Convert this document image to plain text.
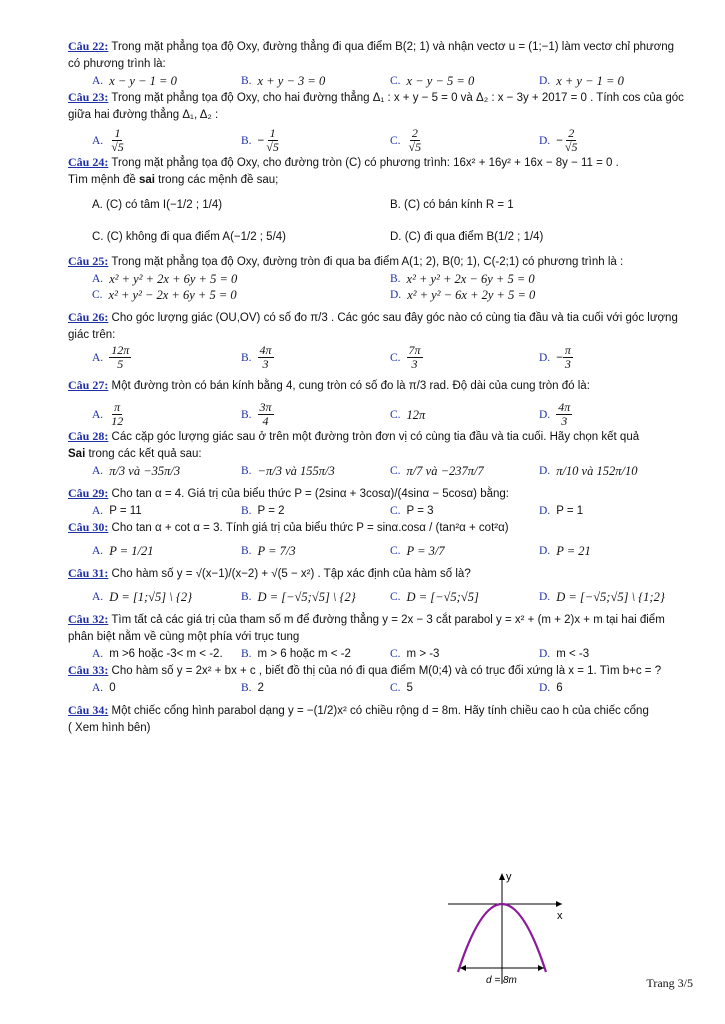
Câu 22: Trong mặt phẳng tọa độ Oxy, đường thẳng đi qua điểm B(2; 1) và nhận vectơ u = (1;−1) làm vectơ chỉ phương có phương trình là:
A. x − y − 1 = 0	B. x + y − 3 = 0	C. x − y − 5 = 0	D. x + y − 1 = 0
Câu 23: Trong mặt phẳng tọa độ Oxy, cho hai đường thẳng Δ₁ : x + y − 5 = 0 và Δ₂ : x − 3y + 2017 = 0 . Tính cos của góc giữa hai đường thẳng Δ₁, Δ₂ :
A. $\frac{1}{√5}$	B. − $\frac{1}{√5}$	C. $\frac{2}{√5}$	D. − $\frac{2}{√5}$
Câu 24: Trong mặt phẳng tọa độ Oxy, cho đường tròn (C) có phương trình: 16x² + 16y² + 16x − 8y − 11 = 0 .
Tìm mệnh đề sai trong các mệnh đề sau;
A. (C) có tâm I(−1/2 ; 1/4)	B. (C) có bán kính R = 1
C. (C) không đi qua điểm A(−1/2 ; 5/4)	D. (C) đi qua điểm B(1/2 ; 1/4)
Câu 25: Trong mặt phẳng tọa độ Oxy, đường tròn đi qua ba điểm A(1; 2), B(0; 1), C(-2;1) có phương trình là :
A. x² + y² + 2x + 6y + 5 = 0	B. x² + y² + 2x − 6y + 5 = 0
C. x² + y² − 2x + 6y + 5 = 0	D. x² + y² − 6x + 2y + 5 = 0
Câu 26: Cho góc lượng giác (OU,OV) có số đo π/3 . Các góc sau đây góc nào có cùng tia đầu và tia cuối với góc lượng giác trên:
A. $\frac{12\pi}{5}$	B. $\frac{4\pi}{3}$	C. $\frac{7\pi}{3}$	D. − $\frac{\pi}{3}$
Câu 27: Một đường tròn có bán kính bằng 4, cung tròn có số đo là π/3 rad. Độ dài của cung tròn đó là:
A. $\frac{\pi}{12}$	B. $\frac{3\pi}{4}$	C. 12π	D. $\frac{4\pi}{3}$
Câu 28: Các cặp góc lượng giác sau ở trên một đường tròn đơn vị có cùng tia đầu và tia cuối. Hãy chọn kết quả
Sai trong các kết quả sau:
A. π/3 và −35π/3	B. −π/3 và 155π/3	C. π/7 và −237π/7	D. π/10 và 152π/10
Câu 29: Cho tan α = 4. Giá trị của biểu thức P = (2sinα + 3cosα)/(4sinα − 5cosα) bằng:
A. P = 11	B. P = 2	C. P = 3	D. P = 1
Câu 30: Cho tan α + cot α = 3. Tính giá trị của biểu thức P = sinα.cosα / (tan²α + cot²α)
A. P = 1/21	B. P = 7/3	C. P = 3/7	D. P = 21
Câu 31: Cho hàm số y = √(x−1)/(x−2) + √(5 − x²) . Tập xác định của hàm số là?
A. D = [1;√5] \ {2}	B. D = [−√5;√5] \ {2}	C. D = [−√5;√5]	D. D = [−√5;√5] \ {1;2}
Câu 32: Tìm tất cả các giá trị của tham số m để đường thẳng y = 2x − 3 cắt parabol y = x² + (m + 2)x + m tại hai điểm phân biệt nằm về cùng một phía với trục tung
A. m >6 hoặc -3< m < -2. B. m > 6 hoặc m < -2	C. m > -3	D. m < -3
Câu 33: Cho hàm số y = 2x² + bx + c , biết đồ thị của nó đi qua điểm M(0;4) và có trục đối xứng là x = 1. Tìm b+c = ?
A. 0	B. 2	C. 5	D. 6
Câu 34: Một chiếc cổng hình parabol dạng y = −(1/2)x² có chiều rộng d = 8m. Hãy tính chiều cao h của chiếc cổng
( Xem hình bên)
y
x
d = 8m	Trang 3/5
